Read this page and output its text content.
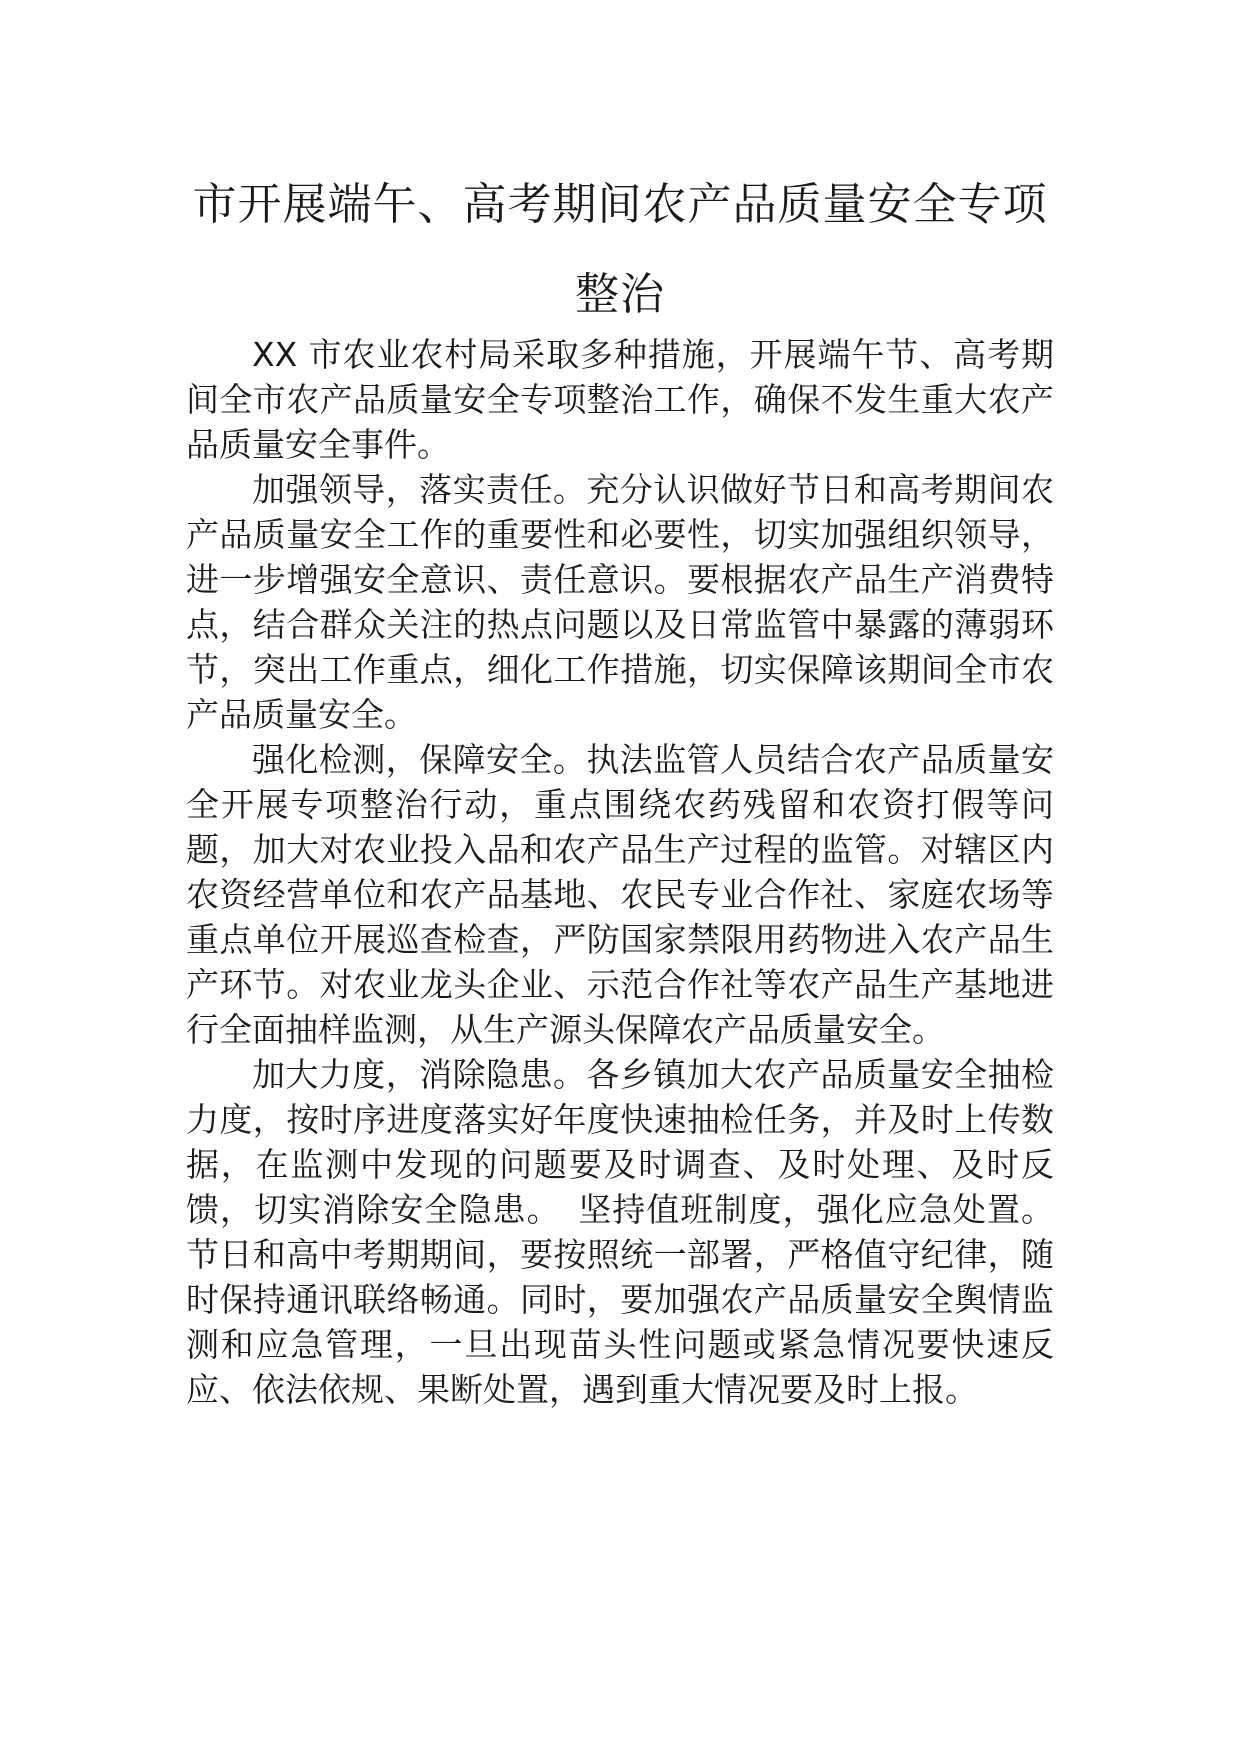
市开展端午、高考期间农产品质量安全专项整治

XX 市农业农村局采取多种措施，开展端午节、高考期间全市农产品质量安全专项整治工作，确保不发生重大农产品质量安全事件。

加强领导，落实责任。充分认识做好节日和高考期间农产品质量安全工作的重要性和必要性，切实加强组织领导，进一步增强安全意识、责任意识。要根据农产品生产消费特点，结合群众关注的热点问题以及日常监管中暴露的薄弱环节，突出工作重点，细化工作措施，切实保障该期间全市农产品质量安全。

强化检测，保障安全。执法监管人员结合农产品质量安全开展专项整治行动，重点围绕农药残留和农资打假等问题，加大对农业投入品和农产品生产过程的监管。对辖区内农资经营单位和农产品基地、农民专业合作社、家庭农场等重点单位开展巡查检查，严防国家禁限用药物进入农产品生产环节。对农业龙头企业、示范合作社等农产品生产基地进行全面抽样监测，从生产源头保障农产品质量安全。

加大力度，消除隐患。各乡镇加大农产品质量安全抽检力度，按时序进度落实好年度快速抽检任务，并及时上传数据，在监测中发现的问题要及时调查、及时处理、及时反馈，切实消除安全隐患。　坚持值班制度，强化应急处置。节日和高中考期期间，要按照统一部署，严格值守纪律，随时保持通讯联络畅通。同时，要加强农产品质量安全舆情监测和应急管理，一旦出现苗头性问题或紧急情况要快速反应、依法依规、果断处置，遇到重大情况要及时上报。
